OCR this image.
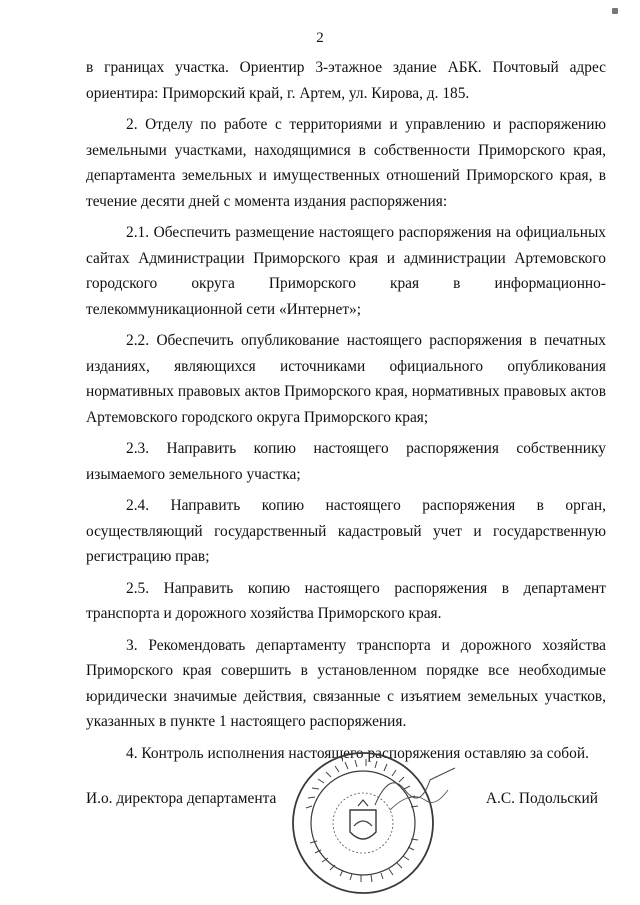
2

в границах участка. Ориентир 3-этажное здание АБК. Почтовый адрес ориентира: Приморский край, г. Артем, ул. Кирова, д. 185.

2. Отделу по работе с территориями и управлению и распоряжению земельными участками, находящимися в собственности Приморского края, департамента земельных и имущественных отношений Приморского края, в течение десяти дней с момента издания распоряжения:

2.1. Обеспечить размещение настоящего распоряжения на официальных сайтах Администрации Приморского края и администрации Артемовского городского округа Приморского края в информационно-телекоммуникационной сети «Интернет»;

2.2. Обеспечить опубликование настоящего распоряжения в печатных изданиях, являющихся источниками официального опубликования нормативных правовых актов Приморского края, нормативных правовых актов Артемовского городского округа Приморского края;

2.3. Направить копию настоящего распоряжения собственнику изымаемого земельного участка;

2.4. Направить копию настоящего распоряжения в орган, осуществляющий государственный кадастровый учет и государственную регистрацию прав;

2.5. Направить копию настоящего распоряжения в департамент транспорта и дорожного хозяйства Приморского края.

3. Рекомендовать департаменту транспорта и дорожного хозяйства Приморского края совершить в установленном порядке все необходимые юридически значимые действия, связанные с изъятием земельных участков, указанных в пункте 1 настоящего распоряжения.

4. Контроль исполнения настоящего распоряжения оставляю за собой.

И.о. директора департамента	А.С. Подольский
